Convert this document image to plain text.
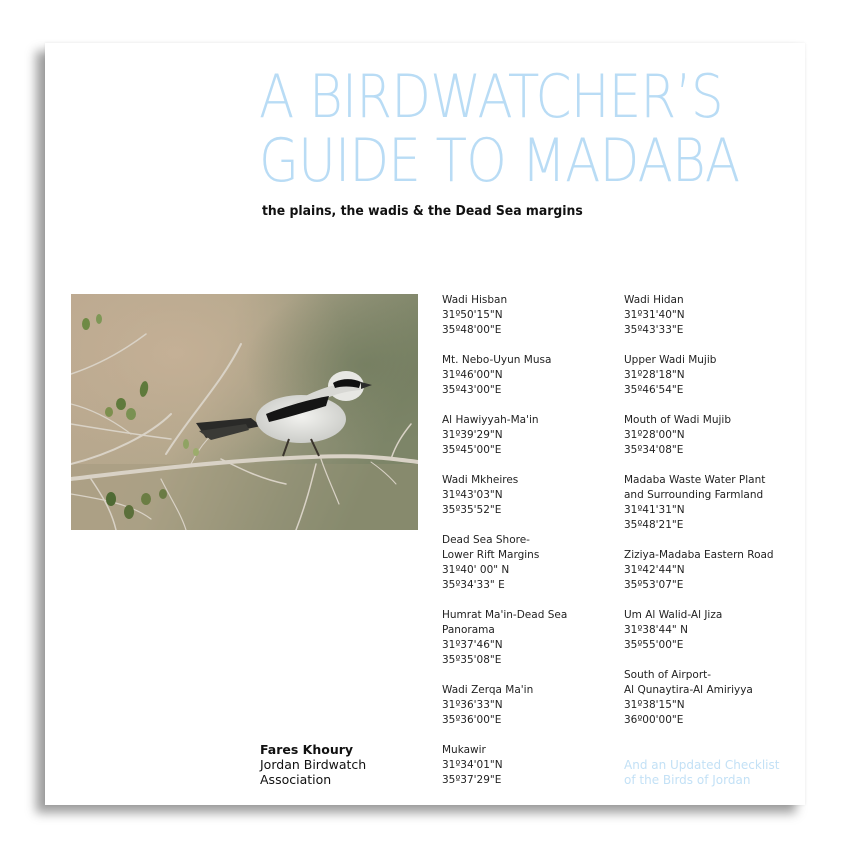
A BIRDWATCHER’S
GUIDE TO MADABA

the plains, the wadis & the Dead Sea margins

Wadi Hisban
31º50'15"N
35º48'00"E
Mt. Nebo-Uyun Musa
31º46'00"N
35º43'00"E
Al Hawiyyah-Ma'in
31º39'29"N
35º45'00"E
Wadi Mkheires
31º43'03"N
35º35'52"E
Dead Sea Shore-
Lower Rift Margins
31º40' 00" N
35º34'33" E
Humrat Ma'in-Dead Sea
Panorama
31º37'46"N
35º35'08"E
Wadi Zerqa Ma'in
31º36'33"N
35º36'00"E
Mukawir
31º34'01"N
35º37'29"E
Wadi Hidan
31º31'40"N
35º43'33"E
Upper Wadi Mujib
31º28'18"N
35º46'54"E
Mouth of Wadi Mujib
31º28'00"N
35º34'08"E
Madaba Waste Water Plant
and Surrounding Farmland
31º41'31"N
35º48'21"E
Ziziya-Madaba Eastern Road
31º42'44"N
35º53'07"E
Um Al Walid-Al Jiza
31º38'44" N
35º55'00"E
South of Airport-
Al Qunaytira-Al Amiriyya
31º38'15"N
36º00'00"E
Fares Khoury
Jordan Birdwatch
Association
And an Updated Checklist
of the Birds of Jordan
